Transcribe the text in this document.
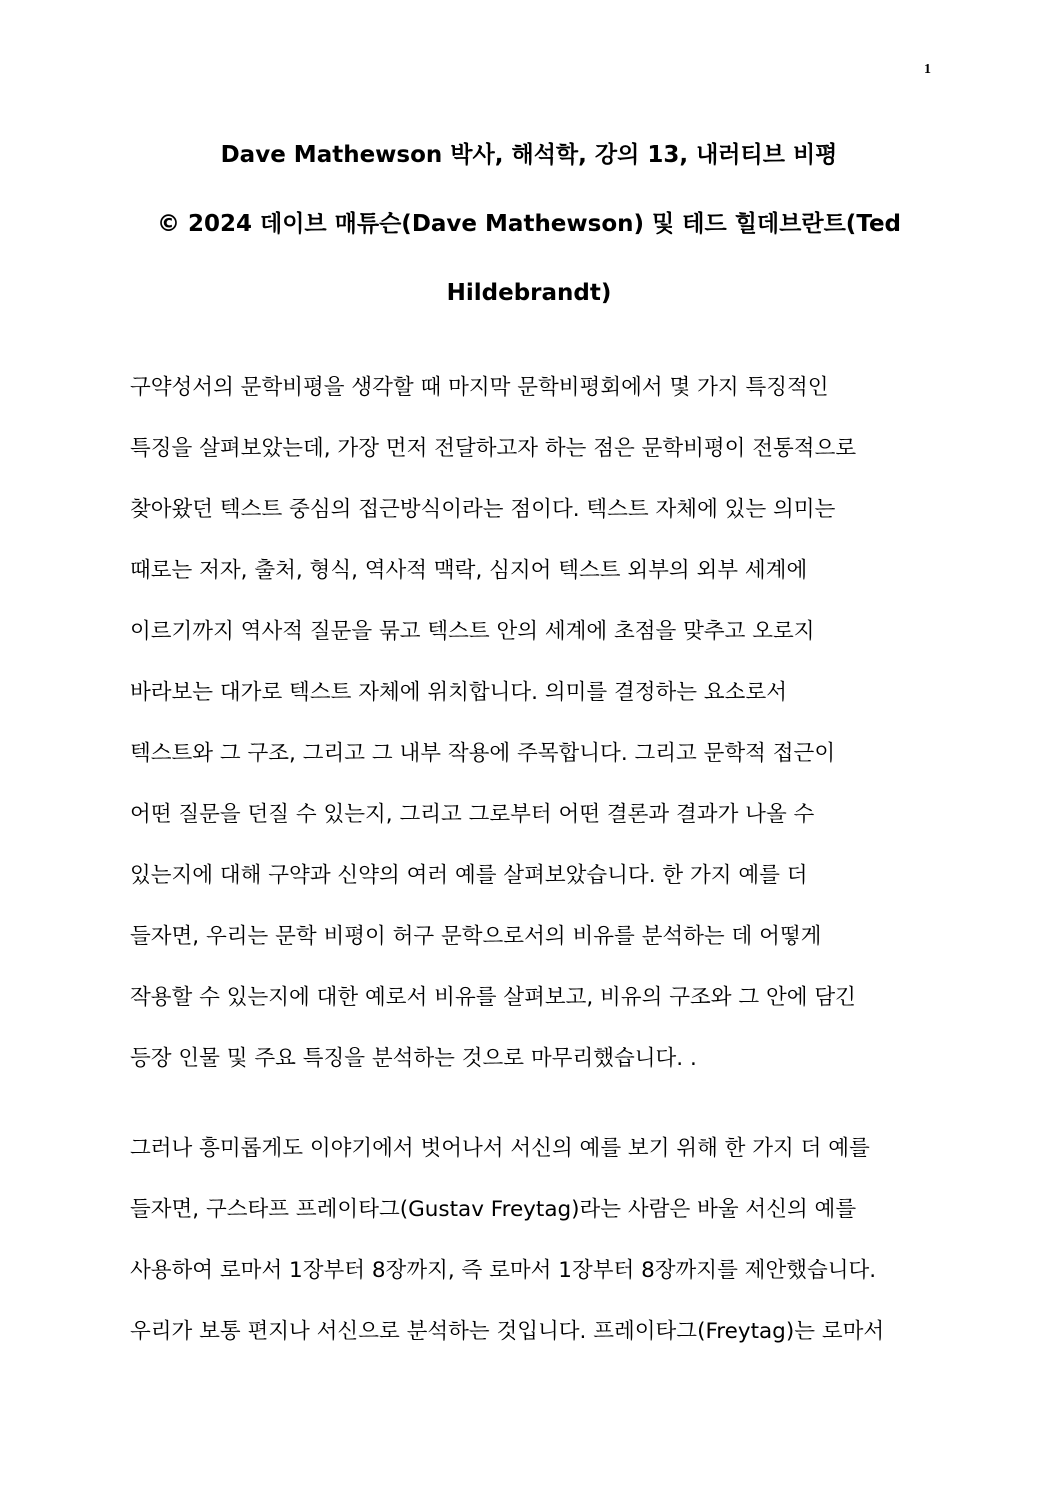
1
Dave Mathewson 박사, 해석학, 강의 13, 내러티브 비평
© 2024 데이브 매튜슨(Dave Mathewson) 및 테드 힐데브란트(Ted
Hildebrandt)
구약성서의 문학비평을 생각할 때 마지막 문학비평회에서 몇 가지 특징적인
특징을 살펴보았는데, 가장 먼저 전달하고자 하는 점은 문학비평이 전통적으로
찾아왔던 텍스트 중심의 접근방식이라는 점이다. 텍스트 자체에 있는 의미는
때로는 저자, 출처, 형식, 역사적 맥락, 심지어 텍스트 외부의 외부 세계에
이르기까지 역사적 질문을 묶고 텍스트 안의 세계에 초점을 맞추고 오로지
바라보는 대가로 텍스트 자체에 위치합니다. 의미를 결정하는 요소로서
텍스트와 그 구조, 그리고 그 내부 작용에 주목합니다. 그리고 문학적 접근이
어떤 질문을 던질 수 있는지, 그리고 그로부터 어떤 결론과 결과가 나올 수
있는지에 대해 구약과 신약의 여러 예를 살펴보았습니다. 한 가지 예를 더
들자면, 우리는 문학 비평이 허구 문학으로서의 비유를 분석하는 데 어떻게
작용할 수 있는지에 대한 예로서 비유를 살펴보고, 비유의 구조와 그 안에 담긴
등장 인물 및 주요 특징을 분석하는 것으로 마무리했습니다. .
그러나 흥미롭게도 이야기에서 벗어나서 서신의 예를 보기 위해 한 가지 더 예를
들자면, 구스타프 프레이타그(Gustav Freytag)라는 사람은 바울 서신의 예를
사용하여 로마서 1장부터 8장까지, 즉 로마서 1장부터 8장까지를 제안했습니다.
우리가 보통 편지나 서신으로 분석하는 것입니다. 프레이타그(Freytag)는 로마서
